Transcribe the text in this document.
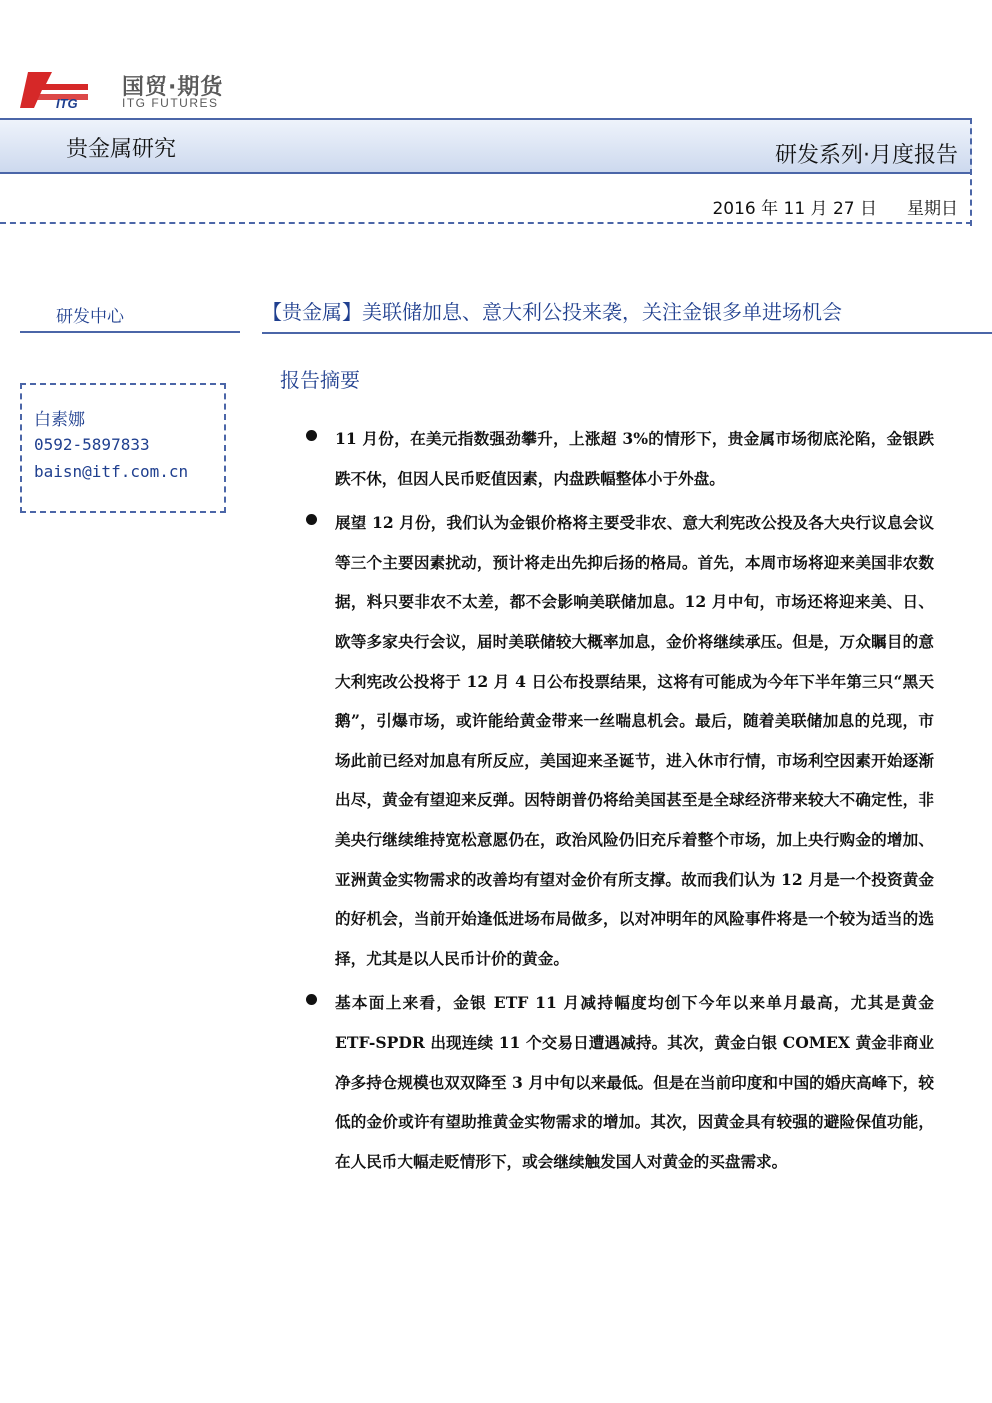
ITG
国贸·期货
ITG FUTURES
贵金属研究	研发系列·月度报告
2016 年 11 月 27 日 星期日
研发中心
白素娜
0592-5897833
baisn@itf.com.cn
【贵金属】美联储加息、意大利公投来袭，关注金银多单进场机会
报告摘要
11 月份，在美元指数强劲攀升，上涨超 3%的情形下，贵金属市场彻底沦陷，金银跌跌不休，但因人民币贬值因素，内盘跌幅整体小于外盘。
展望 12 月份，我们认为金银价格将主要受非农、意大利宪改公投及各大央行议息会议等三个主要因素扰动，预计将走出先抑后扬的格局。首先，本周市场将迎来美国非农数据，料只要非农不太差，都不会影响美联储加息。12 月中旬，市场还将迎来美、日、欧等多家央行会议，届时美联储较大概率加息，金价将继续承压。但是，万众瞩目的意大利宪改公投将于 12 月 4 日公布投票结果，这将有可能成为今年下半年第三只“黑天鹅”，引爆市场，或许能给黄金带来一丝喘息机会。最后，随着美联储加息的兑现，市场此前已经对加息有所反应，美国迎来圣诞节，进入休市行情，市场利空因素开始逐渐出尽，黄金有望迎来反弹。因特朗普仍将给美国甚至是全球经济带来较大不确定性，非美央行继续维持宽松意愿仍在，政治风险仍旧充斥着整个市场，加上央行购金的增加、亚洲黄金实物需求的改善均有望对金价有所支撑。故而我们认为 12 月是一个投资黄金的好机会，当前开始逢低进场布局做多，以对冲明年的风险事件将是一个较为适当的选择，尤其是以人民币计价的黄金。
基本面上来看，金银 ETF 11 月减持幅度均创下今年以来单月最高，尤其是黄金 ETF-SPDR 出现连续 11 个交易日遭遇减持。其次，黄金白银 COMEX 黄金非商业净多持仓规模也双双降至 3 月中旬以来最低。但是在当前印度和中国的婚庆高峰下，较低的金价或许有望助推黄金实物需求的增加。其次，因黄金具有较强的避险保值功能，在人民币大幅走贬情形下，或会继续触发国人对黄金的买盘需求。
